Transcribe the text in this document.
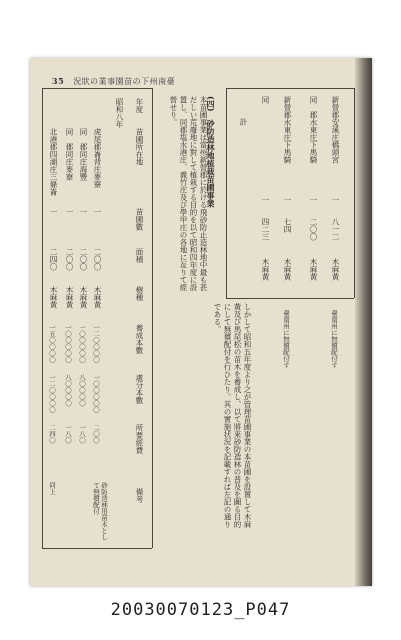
35 況狀の業事園苗の下州南臺
新營郡安溪庄橋頭宮
一
八一二
木麻黃
同　郡水東庄下馬騎
一
二〇〇
木麻黃
新營郡水東庄下馬騎
一
七四
木麻黃
同
一
四二三
木麻黃
計
臺南州に無償配付す
臺南州に無償配付す
(四)　砂防造林地植栽苗圃事業
本苗圃事業は當州新營郡に於ける飛砂防止造林地中最も甚だしい荒廢地に對して植栽する目的を以て昭和四年度に設置し、同郡塩水港庄、義竹庄及び學甲庄の各地に亙りて經營せり。
しかして昭和五年度より之が管理苗圃事業の本苗圃を設置して木麻黃及び馬尾松の苗木を養成し、以て將來砂防造林の普及を圖る目的にして無償配付を行ひたり。其の實施状況を記載すれば左記の通りである。
年度
苗圃所在地
苗圃數
面積
樹種
養成本數
處分本數
所要經費
備考
昭和八年
虎尾郡崙背庄麥寮
一
二〇〇
木麻黃
一二〇〇〇〇
一〇〇〇〇〇
二〇〇
同　郡同庄海豐
一
二〇〇
木麻黃
一〇〇〇〇〇
八〇〇〇〇
一八〇
同　郡同庄麥寮
一
二〇〇
木麻黃
一〇〇〇〇〇
八〇〇〇〇
一八〇
北港郡四湖庄三條崙
一
二四〇
木麻黃
一五〇〇〇〇
一二〇〇〇〇
二四〇
砂防造林用苗木として無償配付
同上
20030070123_P047
